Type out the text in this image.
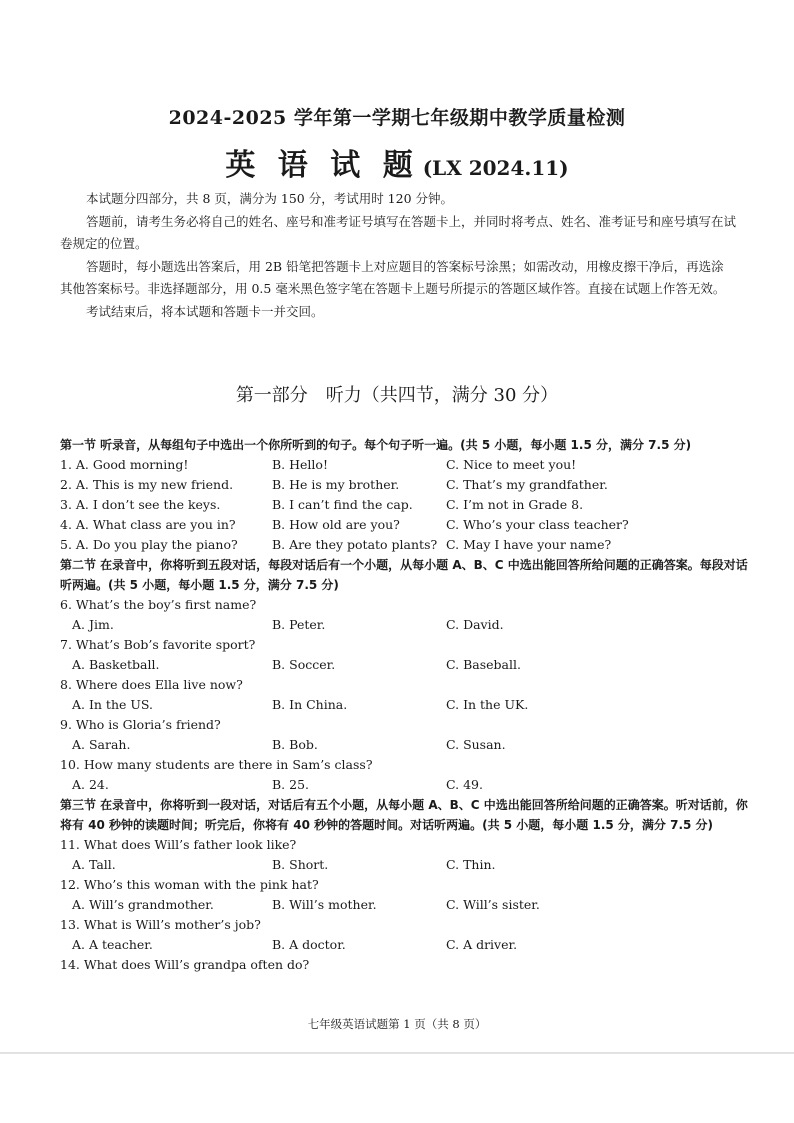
2024-2025 学年第一学期七年级期中教学质量检测
英 语 试 题 (LX 2024.11)

本试题分四部分，共 8 页，满分为 150 分，考试用时 120 分钟。

答题前，请考生务必将自己的姓名、座号和准考证号填写在答题卡上，并同时将考点、姓名、准考证号和座号填写在试卷规定的位置。

答题时，每小题选出答案后，用 2B 铅笔把答题卡上对应题目的答案标号涂黑；如需改动，用橡皮擦干净后，再选涂其他答案标号。非选择题部分，用 0.5 毫米黑色签字笔在答题卡上题号所提示的答题区域作答。直接在试题上作答无效。

考试结束后，将本试题和答题卡一并交回。

第一部分　听力（共四节，满分 30 分）

第一节 听录音，从每组句子中选出一个你所听到的句子。每个句子听一遍。(共 5 小题，每小题 1.5 分，满分 7.5 分)

1. A. Good morning!	B. Hello!	C. Nice to meet you!
2. A. This is my new friend.	B. He is my brother.	C. That’s my grandfather.
3. A. I don’t see the keys.	B. I can’t find the cap.	C. I’m not in Grade 8.
4. A. What class are you in?	B. How old are you?	C. Who’s your class teacher?
5. A. Do you play the piano?	B. Are they potato plants? C. May I have your name?

第二节 在录音中，你将听到五段对话，每段对话后有一个小题，从每小题 A、B、C 中选出能回答所给问题的正确答案。每段对话听两遍。(共 5 小题，每小题 1.5 分，满分 7.5 分)

6. What’s the boy’s first name?
A. Jim.	B. Peter.	C. David.
7. What’s Bob’s favorite sport?
A. Basketball.	B. Soccer.	C. Baseball.
8. Where does Ella live now?
A. In the US.	B. In China.	C. In the UK.
9. Who is Gloria’s friend?
A. Sarah.	B. Bob.	C. Susan.
10. How many students are there in Sam’s class?
A. 24.	B. 25.	C. 49.

第三节 在录音中，你将听到一段对话，对话后有五个小题，从每小题 A、B、C 中选出能回答所给问题的正确答案。听对话前，你将有 40 秒钟的读题时间；听完后，你将有 40 秒钟的答题时间。对话听两遍。(共 5 小题，每小题 1.5 分，满分 7.5 分)

11. What does Will’s father look like?
A. Tall.	B. Short.	C. Thin.
12. Who’s this woman with the pink hat?
A. Will’s grandmother.	B. Will’s mother.	C. Will’s sister.
13. What is Will’s mother’s job?
A. A teacher.	B. A doctor.	C. A driver.
14. What does Will’s grandpa often do?
七年级英语试题第 1 页（共 8 页）
